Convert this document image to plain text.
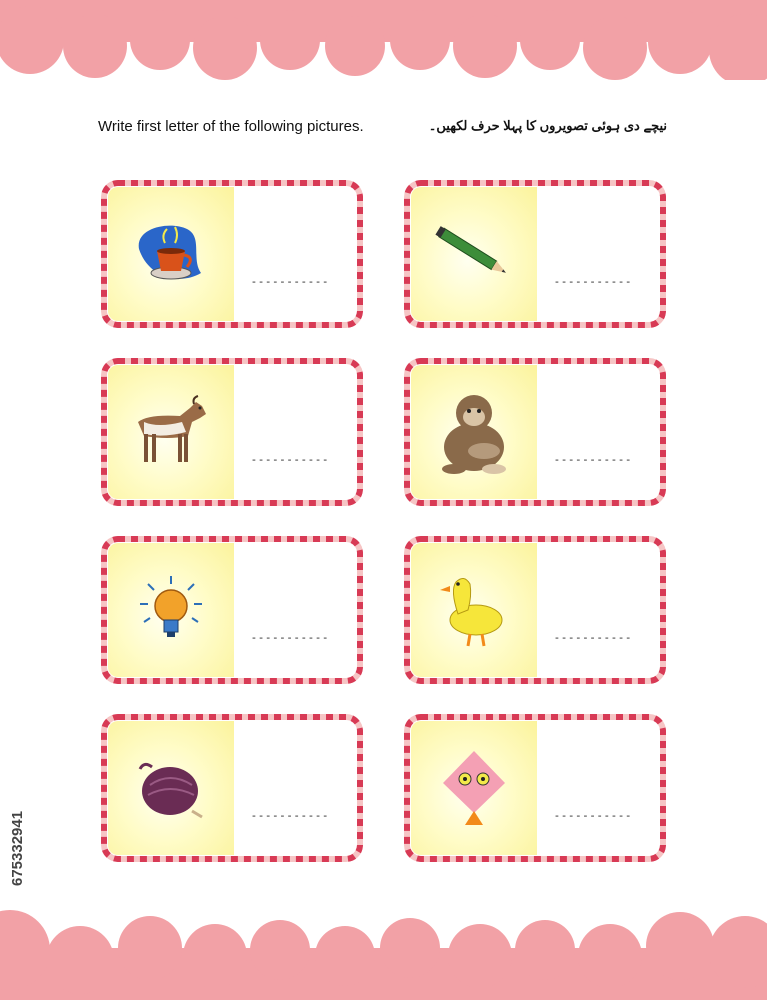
Write first letter of the following pictures.	نیچے دی ہوئی تصویروں کا پہلا حرف لکھیں۔
-----------	-----------
-----------	-----------
-----------	-----------
-----------	-----------
675332941
